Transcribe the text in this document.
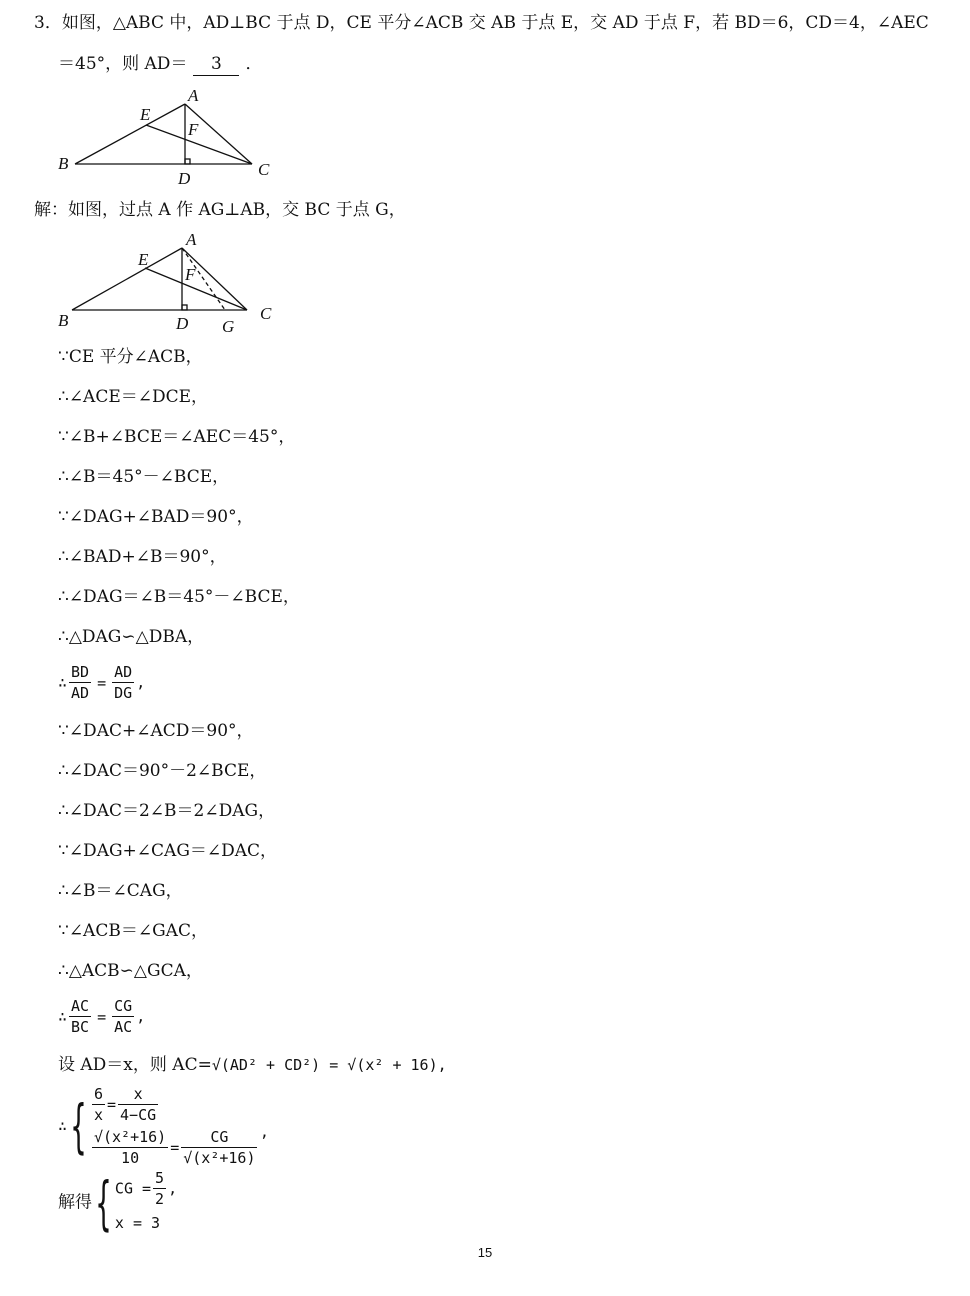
3．如图，△ABC 中，AD⊥BC 于点 D，CE 平分∠ACB 交 AB 于点 E，交 AD 于点 F，若 BD＝6，CD＝4，∠AEC
＝45°，则 AD＝ 3 ．
A
B	C
D
E
F
解：如图，过点 A 作 AG⊥AB，交 BC 于点 G，
A
B	C
D
E
F
G
∵CE 平分∠ACB，
∴∠ACE＝∠DCE，
∵∠B+∠BCE＝∠AEC＝45°，
∴∠B＝45°－∠BCE，
∵∠DAG+∠BAD＝90°，
∴∠BAD+∠B＝90°，
∴∠DAG＝∠B＝45°－∠BCE，
∴△DAG∽△DBA，
∴ $\frac{BD}{AD} = \frac{AD}{DG}$ ,
∵∠DAC+∠ACD＝90°，
∴∠DAC＝90°－2∠BCE，
∴∠DAC＝2∠B＝2∠DAG，
∵∠DAG+∠CAG＝∠DAC，
∴∠B＝∠CAG，
∵∠ACB＝∠GAC，
∴△ACB∽△GCA，
∴ $\frac{AC}{BC} = \frac{CG}{AC}$ ,
设 AD＝x，则 AC=√(AD² + CD²) = √(x² + 16),
∴{ $\frac{6}{x} = \frac{x}{4-CG}$
$\frac{\text{√(x²+16)}}{10} = \frac{CG}{\text{√(x²+16)}}$ ’
解得{ CG = $\frac{5}{2}$ ,
x = 3
15
